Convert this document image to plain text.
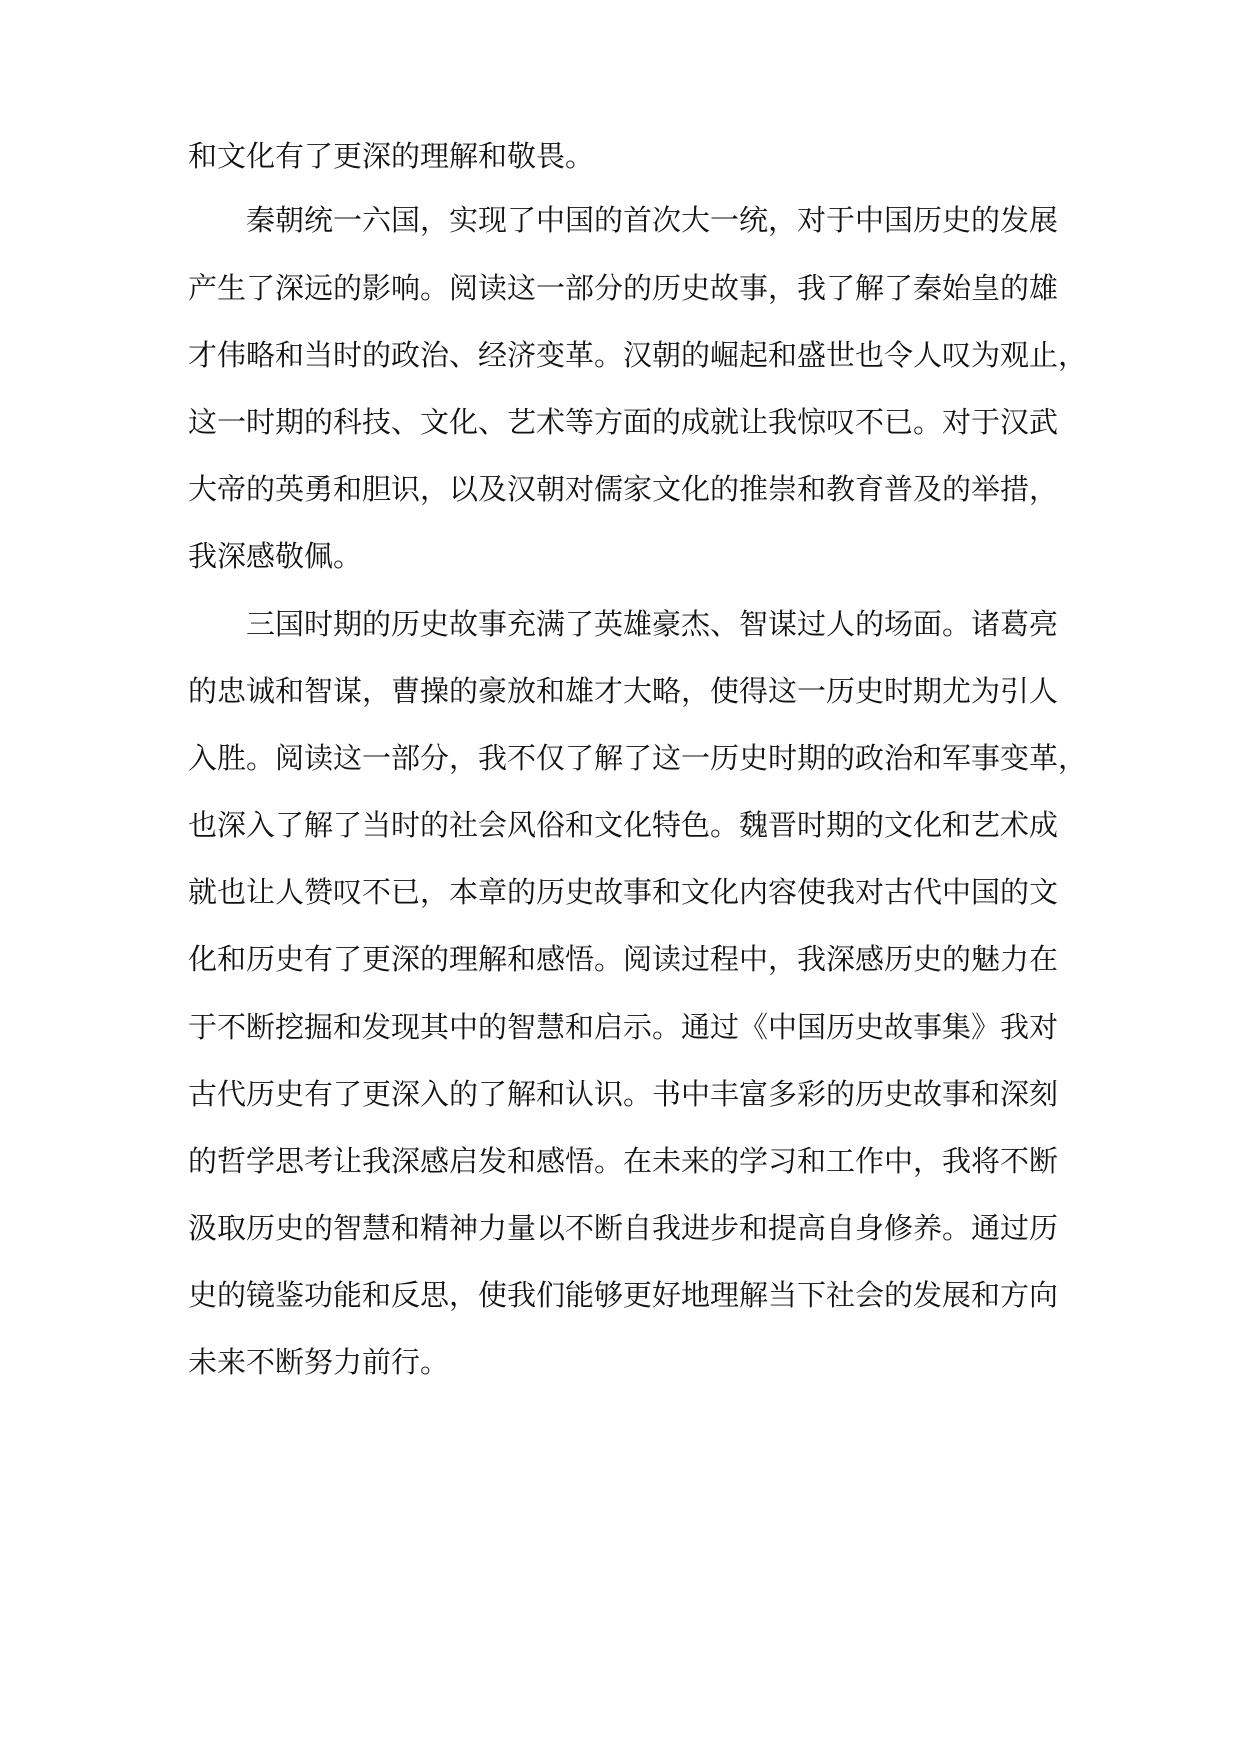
和文化有了更深的理解和敬畏。
秦朝统一六国，实现了中国的首次大一统，对于中国历史的发展
产生了深远的影响。阅读这一部分的历史故事，我了解了秦始皇的雄
才伟略和当时的政治、经济变革。汉朝的崛起和盛世也令人叹为观止，
这一时期的科技、文化、艺术等方面的成就让我惊叹不已。对于汉武
大帝的英勇和胆识，以及汉朝对儒家文化的推崇和教育普及的举措，
我深感敬佩。
三国时期的历史故事充满了英雄豪杰、智谋过人的场面。诸葛亮
的忠诚和智谋，曹操的豪放和雄才大略，使得这一历史时期尤为引人
入胜。阅读这一部分，我不仅了解了这一历史时期的政治和军事变革，
也深入了解了当时的社会风俗和文化特色。魏晋时期的文化和艺术成
就也让人赞叹不已，本章的历史故事和文化内容使我对古代中国的文
化和历史有了更深的理解和感悟。阅读过程中，我深感历史的魅力在
于不断挖掘和发现其中的智慧和启示。通过《中国历史故事集》我对
古代历史有了更深入的了解和认识。书中丰富多彩的历史故事和深刻
的哲学思考让我深感启发和感悟。在未来的学习和工作中，我将不断
汲取历史的智慧和精神力量以不断自我进步和提高自身修养。通过历
史的镜鉴功能和反思，使我们能够更好地理解当下社会的发展和方向
未来不断努力前行。
